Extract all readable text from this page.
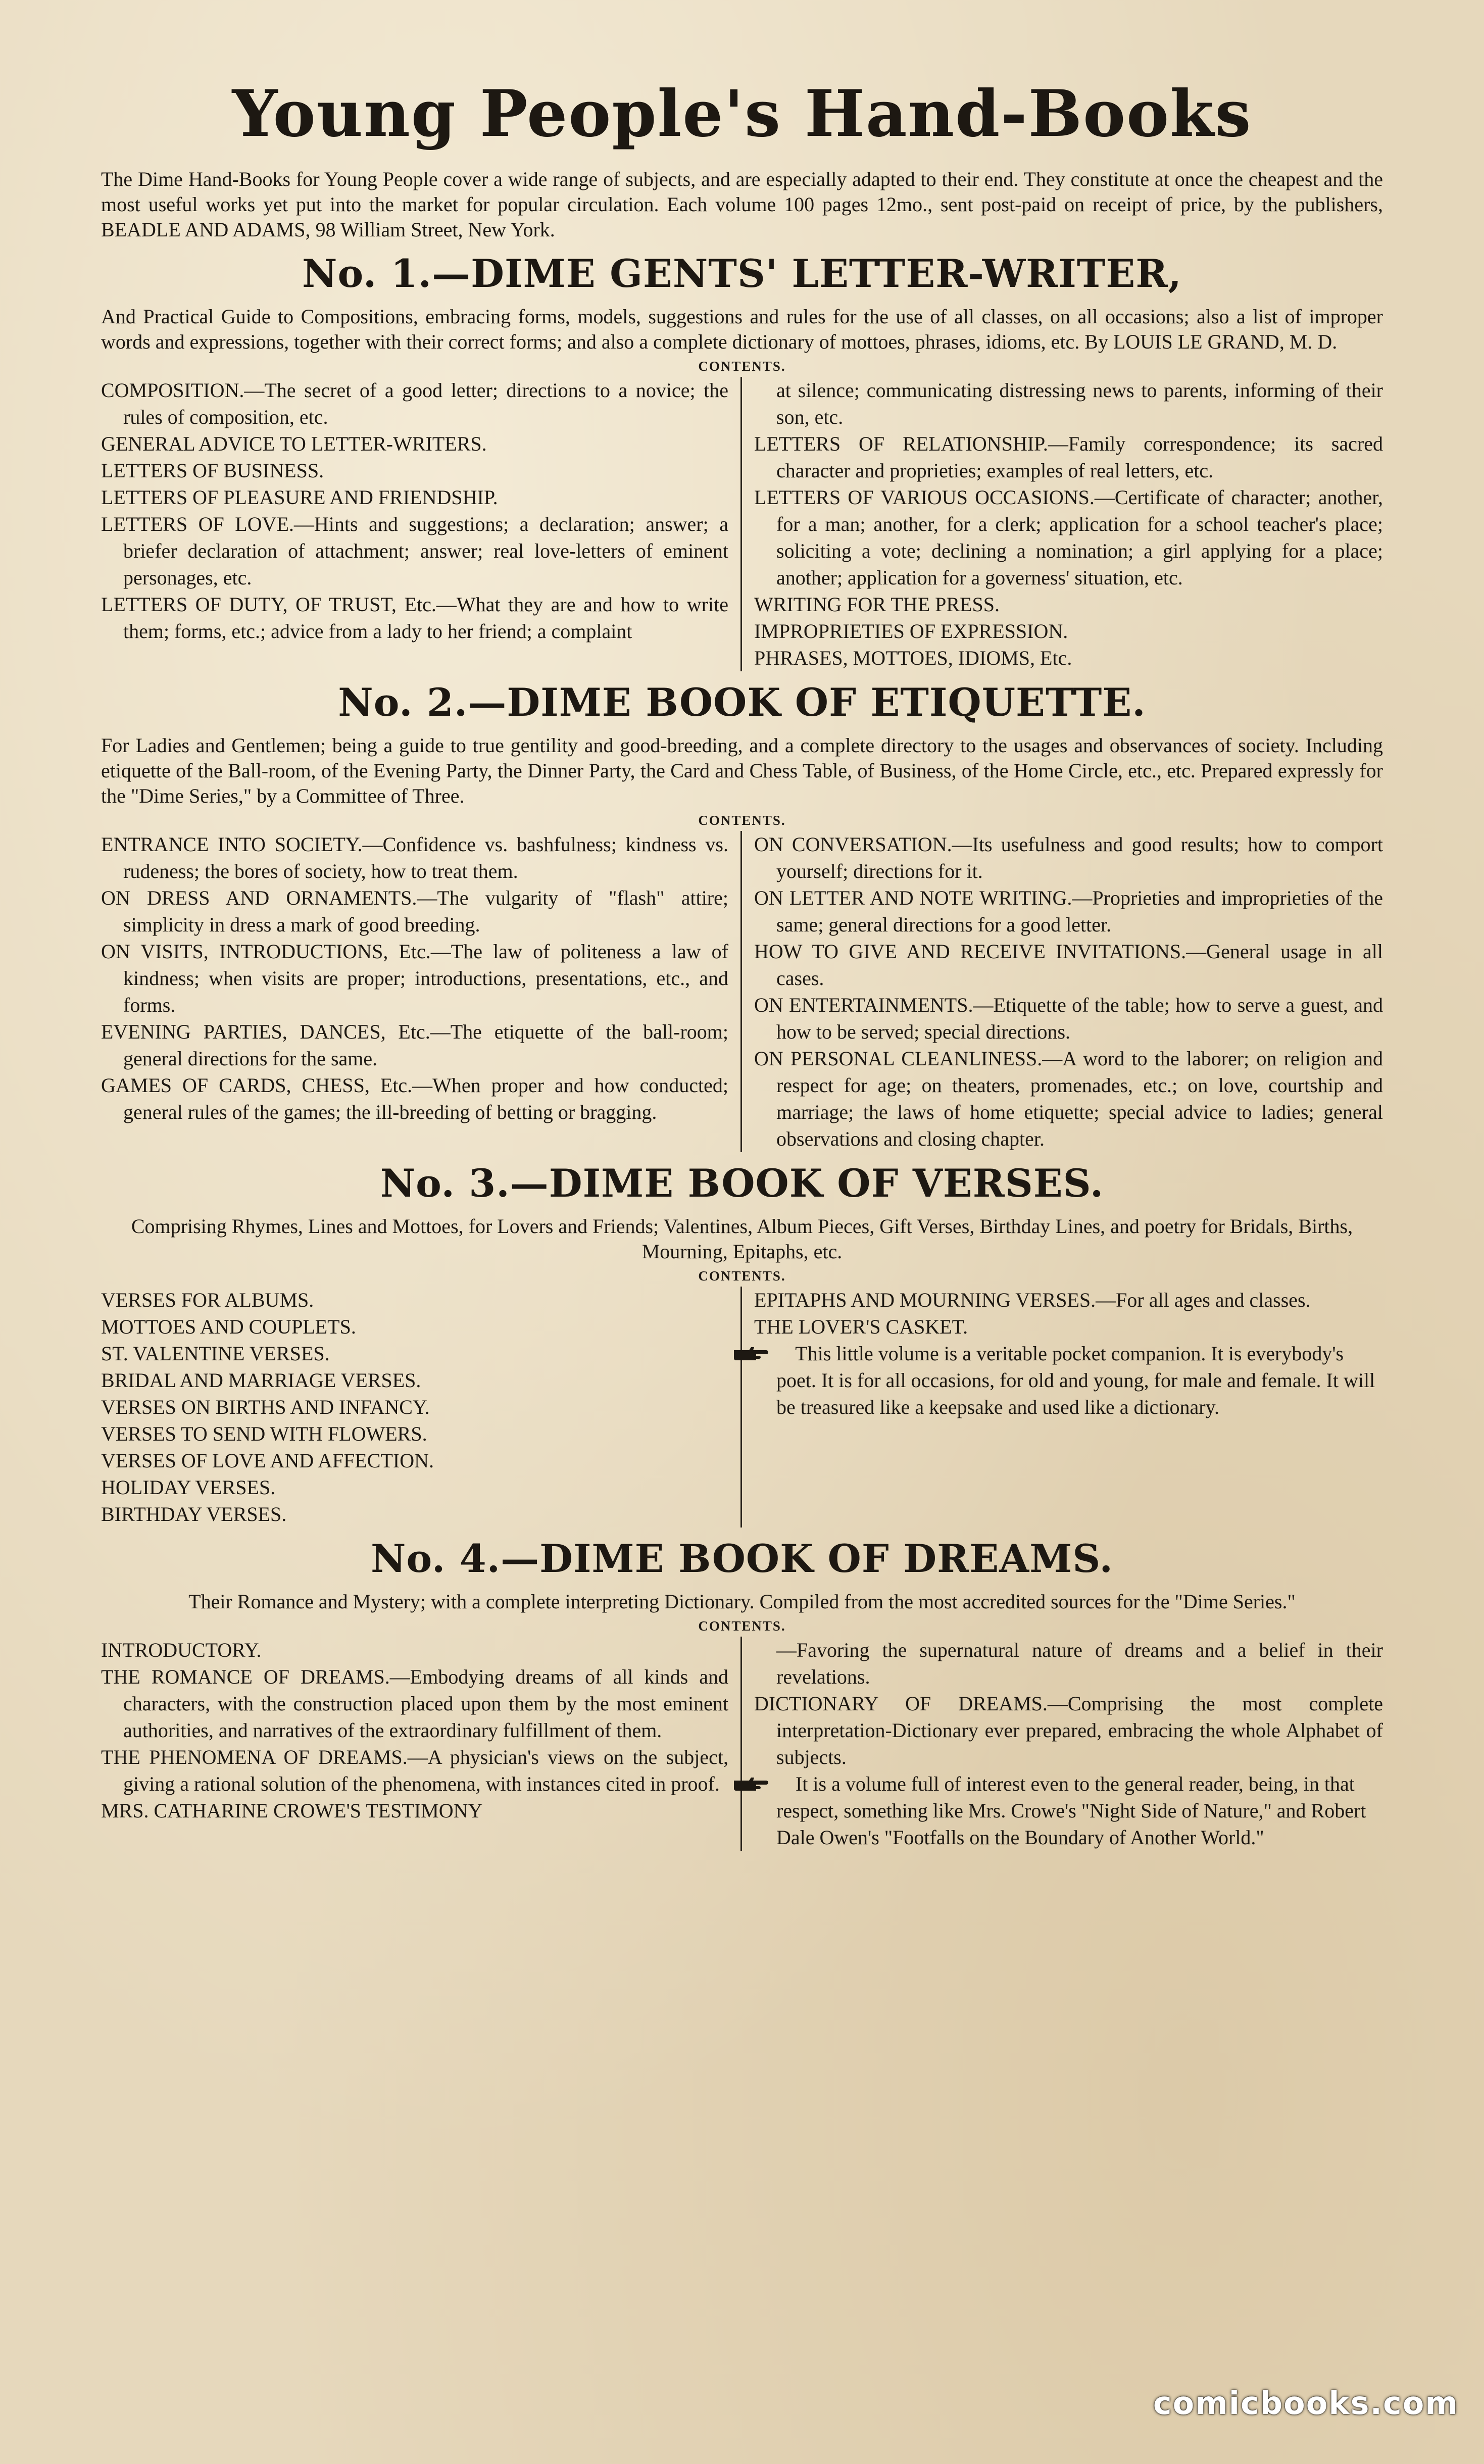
Young People's Hand-Books
The Dime Hand-Books for Young People cover a wide range of subjects, and are especially adapted to their end. They constitute at once the cheapest and the most useful works yet put into the market for popular circulation. Each volume 100 pages 12mo., sent post-paid on receipt of price, by the publishers, BEADLE AND ADAMS, 98 William Street, New York.
No. 1.—DIME GENTS' LETTER-WRITER,
And Practical Guide to Compositions, embracing forms, models, suggestions and rules for the use of all classes, on all occasions; also a list of improper words and expressions, together with their correct forms; and also a complete dictionary of mottoes, phrases, idioms, etc. By LOUIS LE GRAND, M. D.
CONTENTS.

COMPOSITION.—The secret of a good letter; directions to a novice; the rules of composition, etc.

GENERAL ADVICE TO LETTER-WRITERS.

LETTERS OF BUSINESS.

LETTERS OF PLEASURE AND FRIENDSHIP.

LETTERS OF LOVE.—Hints and suggestions; a declaration; answer; a briefer declaration of attachment; answer; real love-letters of eminent personages, etc.

LETTERS OF DUTY, OF TRUST, Etc.—What they are and how to write them; forms, etc.; advice from a lady to her friend; a complaint

at silence; communicating distressing news to parents, informing of their son, etc.

LETTERS OF RELATIONSHIP.—Family correspondence; its sacred character and proprieties; examples of real letters, etc.

LETTERS OF VARIOUS OCCASIONS.—Certificate of character; another, for a man; another, for a clerk; application for a school teacher's place; soliciting a vote; declining a nomination; a girl applying for a place; another; application for a governess' situation, etc.

WRITING FOR THE PRESS.

IMPROPRIETIES OF EXPRESSION.

PHRASES, MOTTOES, IDIOMS, Etc.

No. 2.—DIME BOOK OF ETIQUETTE.
For Ladies and Gentlemen; being a guide to true gentility and good-breeding, and a complete directory to the usages and observances of society. Including etiquette of the Ball-room, of the Evening Party, the Dinner Party, the Card and Chess Table, of Business, of the Home Circle, etc., etc. Prepared expressly for the "Dime Series," by a Committee of Three.
CONTENTS.

ENTRANCE INTO SOCIETY.—Confidence vs. bashfulness; kindness vs. rudeness; the bores of society, how to treat them.

ON DRESS AND ORNAMENTS.—The vulgarity of "flash" attire; simplicity in dress a mark of good breeding.

ON VISITS, INTRODUCTIONS, Etc.—The law of politeness a law of kindness; when visits are proper; introductions, presentations, etc., and forms.

EVENING PARTIES, DANCES, Etc.—The etiquette of the ball-room; general directions for the same.

GAMES OF CARDS, CHESS, Etc.—When proper and how conducted; general rules of the games; the ill-breeding of betting or bragging.

ON CONVERSATION.—Its usefulness and good results; how to comport yourself; directions for it.

ON LETTER AND NOTE WRITING.—Proprieties and improprieties of the same; general directions for a good letter.

HOW TO GIVE AND RECEIVE INVITATIONS.—General usage in all cases.

ON ENTERTAINMENTS.—Etiquette of the table; how to serve a guest, and how to be served; special directions.

ON PERSONAL CLEANLINESS.—A word to the laborer; on religion and respect for age; on theaters, promenades, etc.; on love, courtship and marriage; the laws of home etiquette; special advice to ladies; general observations and closing chapter.

No. 3.—DIME BOOK OF VERSES.
Comprising Rhymes, Lines and Mottoes, for Lovers and Friends; Valentines, Album Pieces, Gift Verses, Birthday Lines, and poetry for Bridals, Births, Mourning, Epitaphs, etc.
CONTENTS.

VERSES FOR ALBUMS.

MOTTOES AND COUPLETS.

ST. VALENTINE VERSES.

BRIDAL AND MARRIAGE VERSES.

VERSES ON BIRTHS AND INFANCY.

VERSES TO SEND WITH FLOWERS.

VERSES OF LOVE AND AFFECTION.

HOLIDAY VERSES.

BIRTHDAY VERSES.

EPITAPHS AND MOURNING VERSES.—For all ages and classes.

THE LOVER'S CASKET.

This little volume is a veritable pocket companion. It is everybody's poet. It is for all occasions, for old and young, for male and female. It will be treasured like a keepsake and used like a dictionary.

No. 4.—DIME BOOK OF DREAMS.
Their Romance and Mystery; with a complete interpreting Dictionary. Compiled from the most accredited sources for the "Dime Series."
CONTENTS.

INTRODUCTORY.

THE ROMANCE OF DREAMS.—Embodying dreams of all kinds and characters, with the construction placed upon them by the most eminent authorities, and narratives of the extraordinary fulfillment of them.

THE PHENOMENA OF DREAMS.—A physician's views on the subject, giving a rational solution of the phenomena, with instances cited in proof.

MRS. CATHARINE CROWE'S TESTIMONY

—Favoring the supernatural nature of dreams and a belief in their revelations.

DICTIONARY OF DREAMS.—Comprising the most complete interpretation-Dictionary ever prepared, embracing the whole Alphabet of subjects.

It is a volume full of interest even to the general reader, being, in that respect, something like Mrs. Crowe's "Night Side of Nature," and Robert Dale Owen's "Footfalls on the Boundary of Another World."

comicbooks.com
